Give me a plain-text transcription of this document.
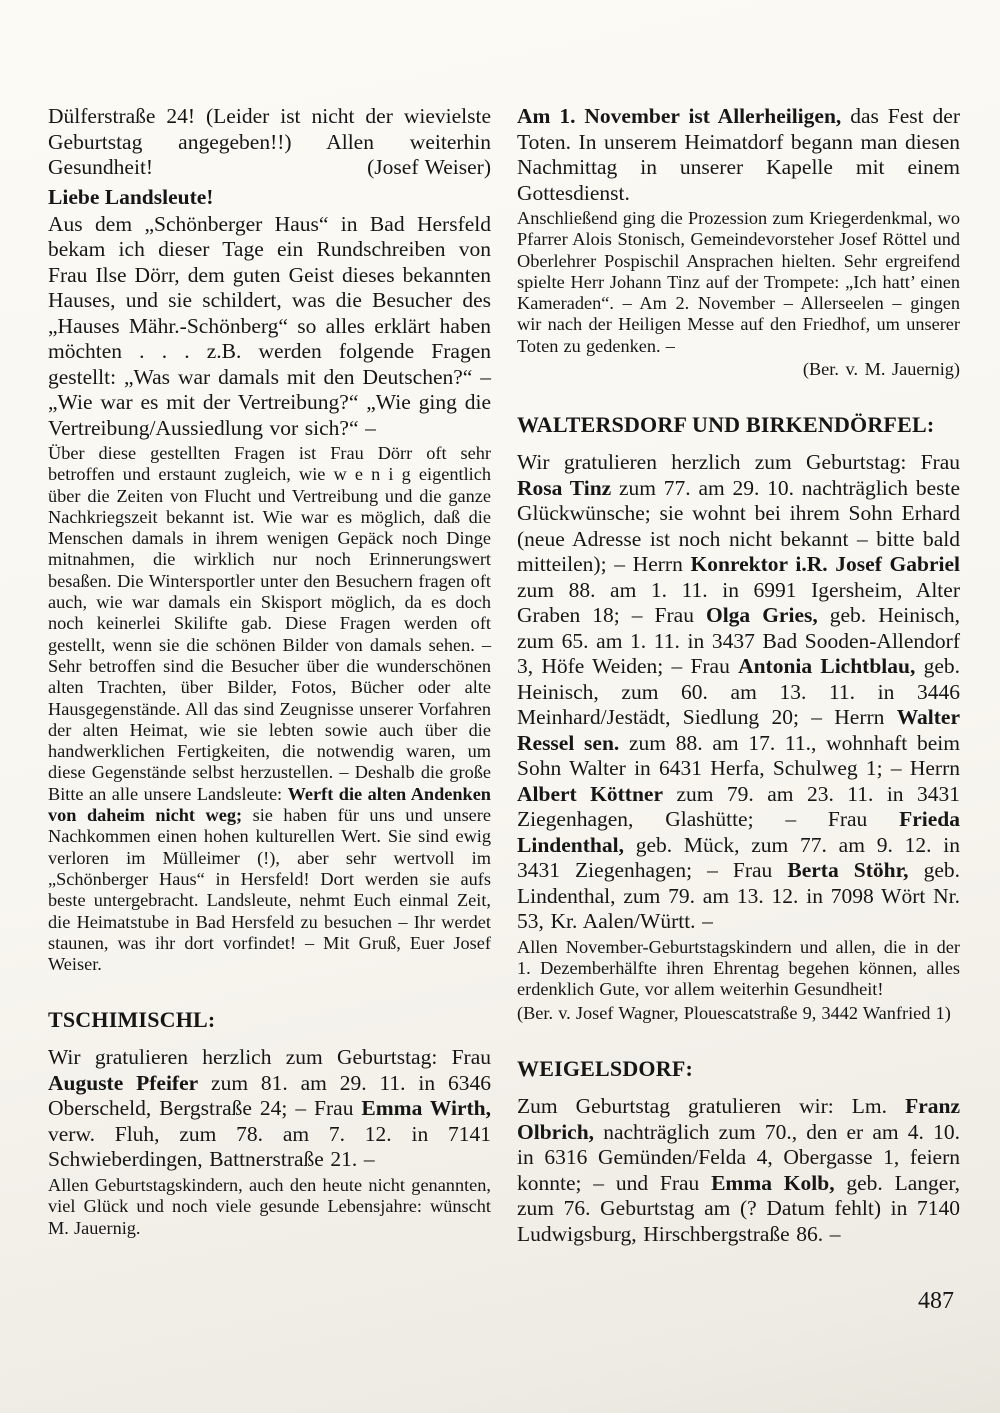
Dülferstraße 24! (Leider ist nicht der wievielste Geburtstag angegeben!!) Allen weiterhin Gesundheit!	(Josef Weiser)

Liebe Landsleute!

Aus dem „Schönberger Haus“ in Bad Hersfeld bekam ich dieser Tage ein Rundschreiben von Frau Ilse Dörr, dem guten Geist dieses bekannten Hauses, und sie schildert, was die Besucher des „Hauses Mähr.-Schönberg“ so alles erklärt haben möchten . . . z.B. werden folgende Fragen gestellt: „Was war damals mit den Deutschen?“ – „Wie war es mit der Vertreibung?“ „Wie ging die Vertreibung/Aussiedlung vor sich?“ –

Über diese gestellten Fragen ist Frau Dörr oft sehr betroffen und erstaunt zugleich, wie w e n i g eigentlich über die Zeiten von Flucht und Vertreibung und die ganze Nachkriegszeit bekannt ist. Wie war es möglich, daß die Menschen damals in ihrem wenigen Gepäck noch Dinge mitnahmen, die wirklich nur noch Erinnerungswert besaßen. Die Wintersportler unter den Besuchern fragen oft auch, wie war damals ein Skisport möglich, da es doch noch keinerlei Skilifte gab. Diese Fragen werden oft gestellt, wenn sie die schönen Bilder von damals sehen. – Sehr betroffen sind die Besucher über die wunderschönen alten Trachten, über Bilder, Fotos, Bücher oder alte Hausgegenstände. All das sind Zeugnisse unserer Vorfahren der alten Heimat, wie sie lebten sowie auch über die handwerklichen Fertigkeiten, die notwendig waren, um diese Gegenstände selbst herzustellen. – Deshalb die große Bitte an alle unsere Landsleute: Werft die alten Andenken von daheim nicht weg; sie haben für uns und unsere Nachkommen einen hohen kulturellen Wert. Sie sind ewig verloren im Mülleimer (!), aber sehr wertvoll im „Schönberger Haus“ in Hersfeld! Dort werden sie aufs beste untergebracht. Landsleute, nehmt Euch einmal Zeit, die Heimatstube in Bad Hersfeld zu besuchen – Ihr werdet staunen, was ihr dort vorfindet! – Mit Gruß, Euer Josef Weiser.

TSCHIMISCHL:

Wir gratulieren herzlich zum Geburtstag: Frau Auguste Pfeifer zum 81. am 29. 11. in 6346 Oberscheld, Bergstraße 24; – Frau Emma Wirth, verw. Fluh, zum 78. am 7. 12. in 7141 Schwieberdingen, Battnerstraße 21. –

Allen Geburtstagskindern, auch den heute nicht genannten, viel Glück und noch viele gesunde Lebensjahre: wünscht M. Jauernig.

Am 1. November ist Allerheiligen, das Fest der Toten. In unserem Heimatdorf begann man diesen Nachmittag in unserer Kapelle mit einem Gottesdienst.

Anschließend ging die Prozession zum Kriegerdenkmal, wo Pfarrer Alois Stonisch, Gemeindevorsteher Josef Röttel und Oberlehrer Pospischil Ansprachen hielten. Sehr ergreifend spielte Herr Johann Tinz auf der Trompete: „Ich hatt’ einen Kameraden“. – Am 2. November – Allerseelen – gingen wir nach der Heiligen Messe auf den Friedhof, um unserer Toten zu gedenken. –

(Ber. v. M. Jauernig)

WALTERSDORF UND BIRKENDÖRFEL:

Wir gratulieren herzlich zum Geburtstag: Frau Rosa Tinz zum 77. am 29. 10. nachträglich beste Glückwünsche; sie wohnt bei ihrem Sohn Erhard (neue Adresse ist noch nicht bekannt – bitte bald mitteilen); – Herrn Konrektor i.R. Josef Gabriel zum 88. am 1. 11. in 6991 Igersheim, Alter Graben 18; – Frau Olga Gries, geb. Heinisch, zum 65. am 1. 11. in 3437 Bad Sooden-Allendorf 3, Höfe Weiden; – Frau Antonia Lichtblau, geb. Heinisch, zum 60. am 13. 11. in 3446 Meinhard/Jestädt, Siedlung 20; – Herrn Walter Ressel sen. zum 88. am 17. 11., wohnhaft beim Sohn Walter in 6431 Herfa, Schulweg 1; – Herrn Albert Köttner zum 79. am 23. 11. in 3431 Ziegenhagen, Glashütte; – Frau Frieda Lindenthal, geb. Mück, zum 77. am 9. 12. in 3431 Ziegenhagen; – Frau Berta Stöhr, geb. Lindenthal, zum 79. am 13. 12. in 7098 Wört Nr. 53, Kr. Aalen/Württ. –

Allen November-Geburtstagskindern und allen, die in der 1. Dezemberhälfte ihren Ehrentag begehen können, alles erdenklich Gute, vor allem weiterhin Gesundheit!

(Ber. v. Josef Wagner, Plouescatstraße 9, 3442 Wanfried 1)

WEIGELSDORF:

Zum Geburtstag gratulieren wir: Lm. Franz Olbrich, nachträglich zum 70., den er am 4. 10. in 6316 Gemünden/Felda 4, Obergasse 1, feiern konnte; – und Frau Emma Kolb, geb. Langer, zum 76. Geburtstag am (? Datum fehlt) in 7140 Ludwigsburg, Hirschbergstraße 86. –

487
